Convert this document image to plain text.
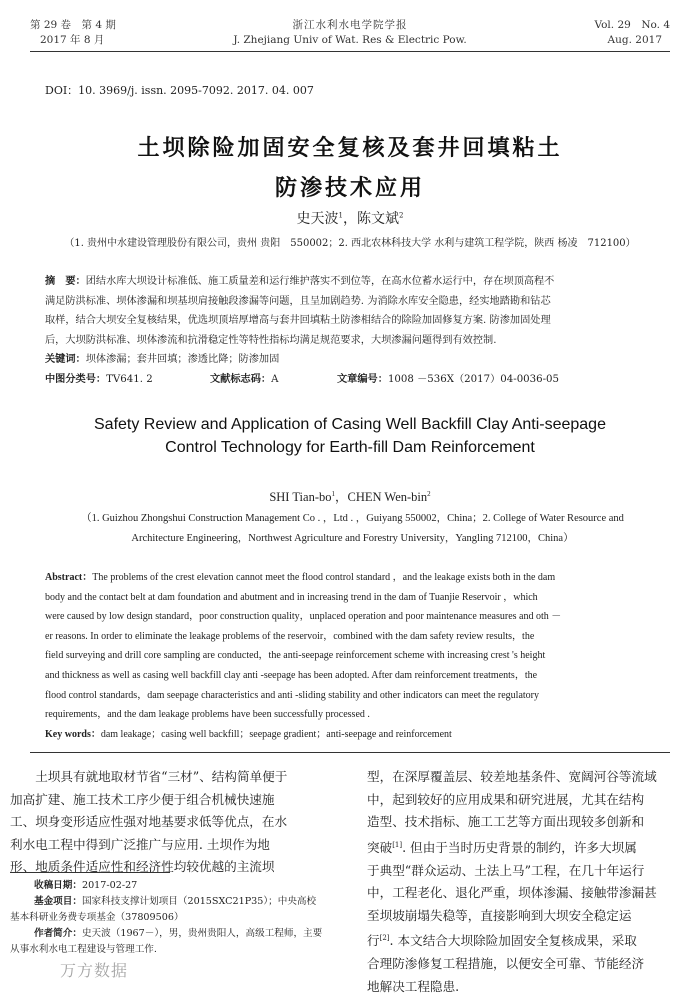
第 29 卷　第 4 期
2017 年 8 月
浙江水利水电学院学报
J. Zhejiang Univ of Wat. Res & Electric Pow.
Vol. 29　No. 4
Aug. 2017
DOI：10. 3969/j. issn. 2095-7092. 2017. 04. 007
土坝除险加固安全复核及套井回填粘土
防渗技术应用
史天波$^1$，陈文斌$^2$
（1. 贵州中水建设管理股份有限公司，贵州 贵阳　550002；2. 西北农林科技大学 水利与建筑工程学院，陕西 杨凌　712100）
摘　要：团结水库大坝设计标准低、施工质量差和运行维护落实不到位等，在高水位蓄水运行中，存在坝顶高程不
满足防洪标准、坝体渗漏和坝基坝肩接触段渗漏等问题，且呈加剧趋势. 为消除水库安全隐患，经实地踏勘和钻芯
取样，结合大坝安全复核结果，优选坝顶培厚增高与套井回填粘土防渗相结合的除险加固修复方案. 防渗加固处理
后，大坝防洪标准、坝体渗流和抗滑稳定性等特性指标均满足规范要求，大坝渗漏问题得到有效控制.
关键词：坝体渗漏；套井回填；渗透比降；防渗加固
中图分类号：TV641. 2	文献标志码：A	文章编号：1008 －536X（2017）04-0036-05
Safety Review and Application of Casing Well Backfill Clay Anti-seepage
Control Technology for Earth-fill Dam Reinforcement
SHI Tian-$bo^1$，CHEN Wen-bin$^2$
（1. Guizhou Zhongshui Construction Management Co . ，Ltd . ，Guiyang 550002，China；2. College of Water Resource and
Architecture Engineering，Northwest Agriculture and Forestry University，Yangling 712100，China）
Abstract：The problems of the crest elevation cannot meet the flood control standard ，and the leakage exists both in the dam
body and the contact belt at dam foundation and abutment and in increasing trend in the dam of Tuanjie Reservoir ，which
were caused by low design standard，poor construction quality，unplaced operation and poor maintenance measures and oth －
er reasons. In order to eliminate the leakage problems of the reservoir，combined with the dam safety review results，the
field surveying and drill core sampling are conducted，the anti-seepage reinforcement scheme with increasing crest 's height
and thickness as well as casing well backfill clay anti -seepage has been adopted. After dam reinforcement treatments，the
flood control standards，dam seepage characteristics and anti -sliding stability and other indicators can meet the regulatory
requirements，and the dam leakage problems have been successfully processed .
Key words：dam leakage；casing well backfill；seepage gradient；anti-seepage and reinforcement
　　土坝具有就地取材节省“三材”、结构简单便于
加高扩建、施工技术工序少便于组合机械快速施
工、坝身变形适应性强对地基要求低等优点，在水
利水电工程中得到广泛推广与应用. 土坝作为地
形、地质条件适应性和经济性均较优越的主流坝
收稿日期：2017-02-27
基金项目：国家科技支撑计划项目（2015SXC21P35）；中央高校
基本科研业务费专项基金（37809506）
作者简介：史天波（1967－），男，贵州贵阳人，高级工程师，主要
从事水利水电工程建设与管理工作.
万方数据
型，在深厚覆盖层、较差地基条件、宽阔河谷等流域
中，起到较好的应用成果和研究进展，尤其在结构
造型、技术指标、施工工艺等方面出现较多创新和
突破[1]. 但由于当时历史背景的制约，许多大坝属
于典型“群众运动、土法上马”工程，在几十年运行
中，工程老化、退化严重，坝体渗漏、接触带渗漏甚
至坝坡崩塌失稳等，直接影响到大坝安全稳定运
行[2]. 本文结合大坝除险加固安全复核成果，采取
合理防渗修复工程措施，以便安全可靠、节能经济
地解决工程隐患.
